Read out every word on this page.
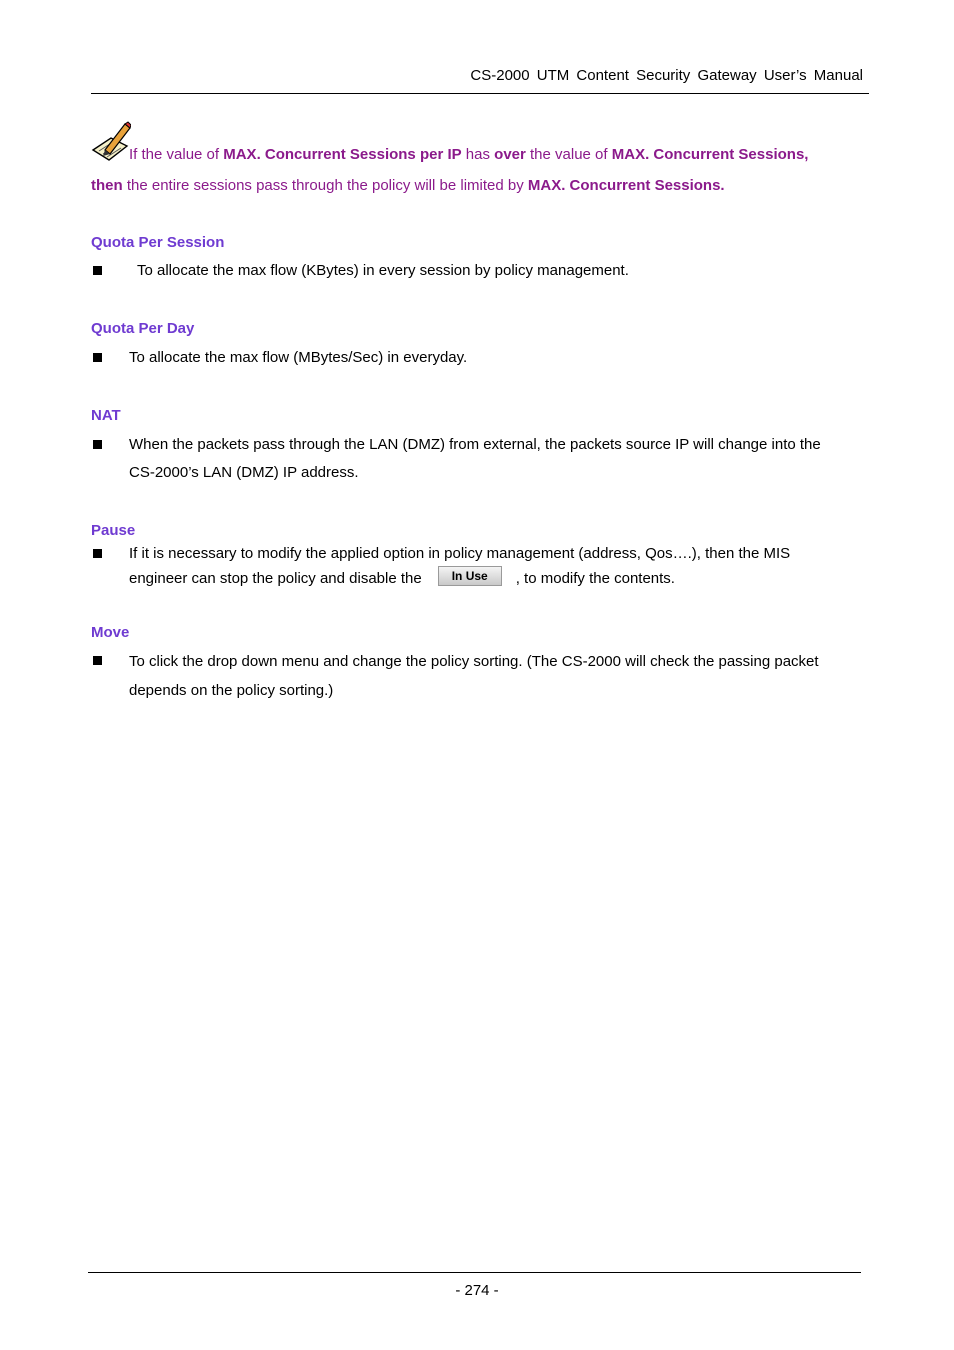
CS-2000 UTM Content Security Gateway User’s Manual
If the value of MAX. Concurrent Sessions per IP has over the value of MAX. Concurrent Sessions,
then the entire sessions pass through the policy will be limited by MAX. Concurrent Sessions.
Quota Per Session
To allocate the max flow (KBytes) in every session by policy management.
Quota Per Day
To allocate the max flow (MBytes/Sec) in everyday.
NAT
When the packets pass through the LAN (DMZ) from external, the packets source IP will change into the
CS-2000’s LAN (DMZ) IP address.
Pause
If it is necessary to modify the applied option in policy management (address, Qos….), then the MIS
engineer can stop the policy and disable the In Use , to modify the contents.
Move
To click the drop down menu and change the policy sorting. (The CS-2000 will check the passing packet
depends on the policy sorting.)
- 274 -
